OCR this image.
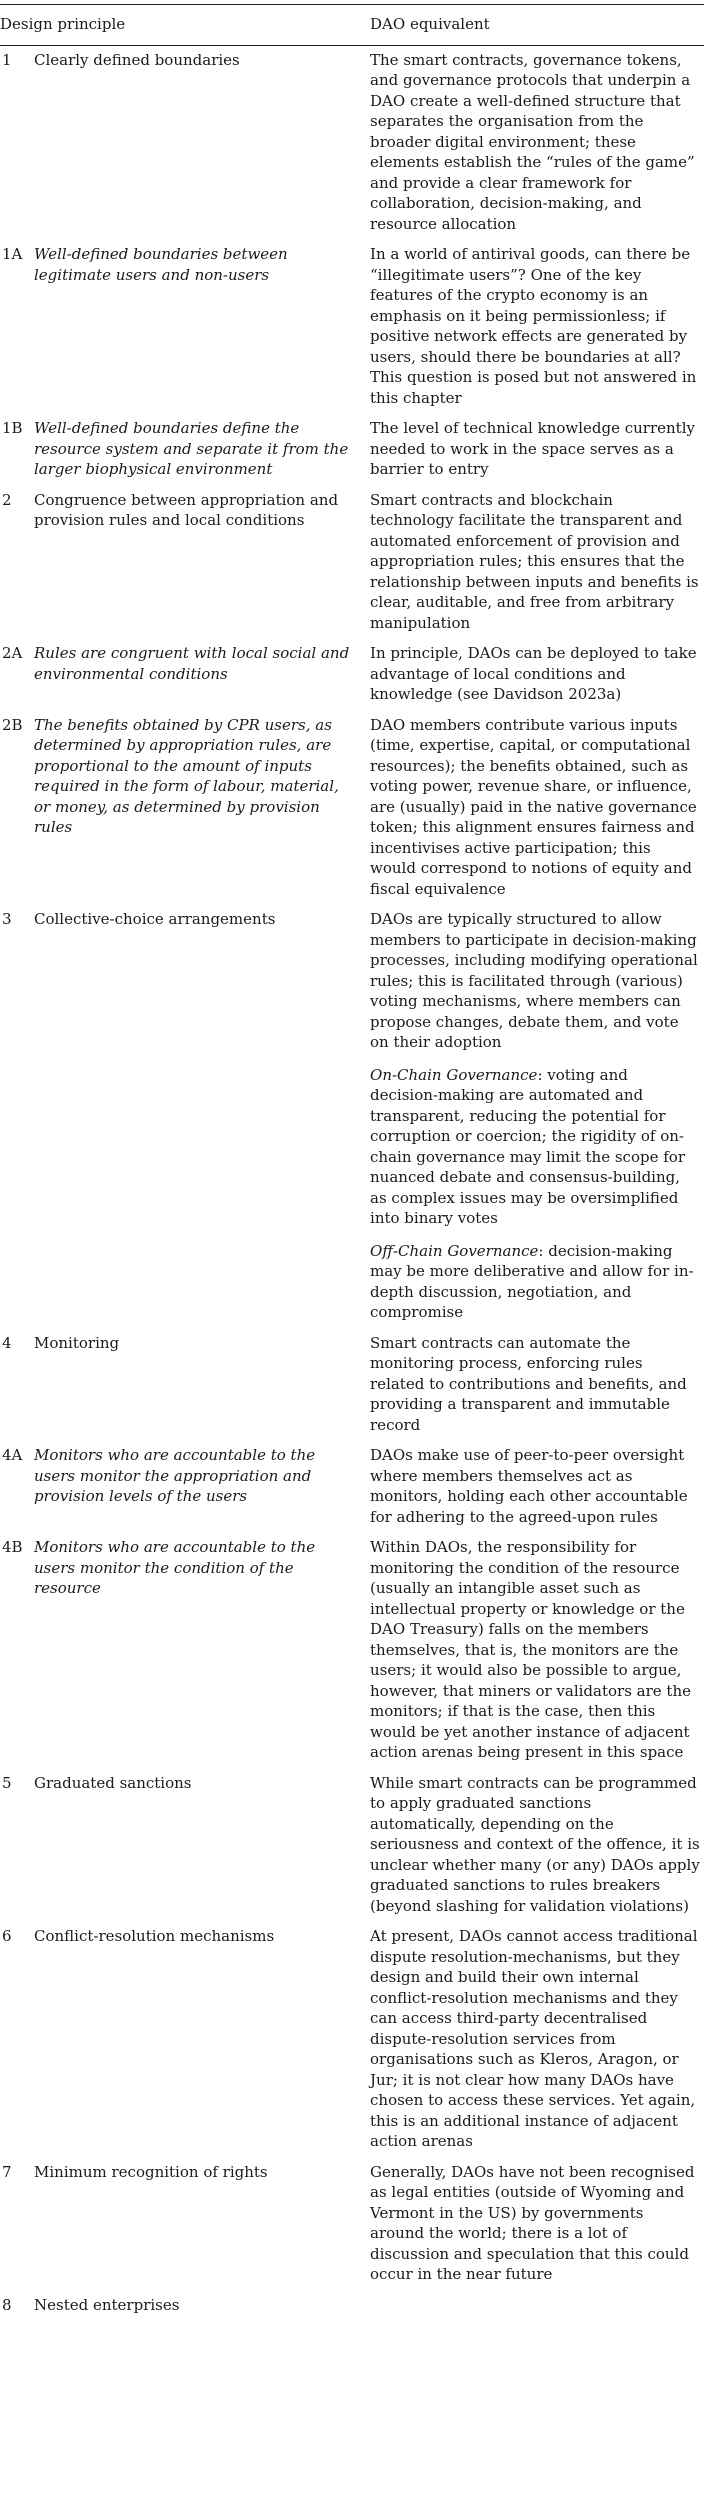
Design principle		DAO equivalent
1	Clearly defined boundaries	The smart contracts, governance tokens, and governance protocols that underpin a DAO create a well-defined structure that separates the organisation from the broader digital environment; these elements establish the “rules of the game” and provide a clear framework for collaboration, decision-making, and resource allocation

1A	Well-defined boundaries between legitimate users and non-users	In a world of antirival goods, can there be “illegitimate users”? One of the key features of the crypto economy is an emphasis on it being permissionless; if positive network effects are generated by users, should there be boundaries at all? This question is posed but not answered in this chapter

1B	Well-defined boundaries define the resource system and separate it from the larger biophysical environment	The level of technical knowledge currently needed to work in the space serves as a barrier to entry

2	Congruence between appropriation and provision rules and local conditions	Smart contracts and blockchain technology facilitate the transparent and automated enforcement of provision and appropriation rules; this ensures that the relationship between inputs and benefits is clear, auditable, and free from arbitrary manipulation

2A	Rules are congruent with local social and environmental conditions	In principle, DAOs can be deployed to take advantage of local conditions and knowledge (see Davidson 2023a)

2B	The benefits obtained by CPR users, as determined by appropriation rules, are proportional to the amount of inputs required in the form of labour, material, or money, as determined by provision rules	DAO members contribute various inputs (time, expertise, capital, or computational resources); the benefits obtained, such as voting power, revenue share, or influence, are (usually) paid in the native governance token; this alignment ensures fairness and incentivises active participation; this would correspond to notions of equity and fiscal equivalence

3	Collective-choice arrangements	DAOs are typically structured to allow members to participate in decision-making processes, including modifying operational rules; this is facilitated through (various) voting mechanisms, where members can propose changes, debate them, and vote on their adoption

On-Chain Governance: voting and decision-making are automated and transparent, reducing the potential for corruption or coercion; the rigidity of on-chain governance may limit the scope for nuanced debate and consensus-building, as complex issues may be oversimplified into binary votes

Off-Chain Governance: decision-making may be more deliberative and allow for in-depth discussion, negotiation, and compromise

4	Monitoring	Smart contracts can automate the monitoring process, enforcing rules related to contributions and benefits, and providing a transparent and immutable record

4A	Monitors who are accountable to the users monitor the appropriation and provision levels of the users	DAOs make use of peer-to-peer oversight where members themselves act as monitors, holding each other accountable for adhering to the agreed-upon rules

4B	Monitors who are accountable to the users monitor the condition of the resource	Within DAOs, the responsibility for monitoring the condition of the resource (usually an intangible asset such as intellectual property or knowledge or the DAO Treasury) falls on the members themselves, that is, the monitors are the users; it would also be possible to argue, however, that miners or validators are the monitors; if that is the case, then this would be yet another instance of adjacent action arenas being present in this space

5	Graduated sanctions	While smart contracts can be programmed to apply graduated sanctions automatically, depending on the seriousness and context of the offence, it is unclear whether many (or any) DAOs apply graduated sanctions to rules breakers (beyond slashing for validation violations)

6	Conflict-resolution mechanisms	At present, DAOs cannot access traditional dispute resolution-mechanisms, but they design and build their own internal conflict-resolution mechanisms and they can access third-party decentralised dispute-resolution services from organisations such as Kleros, Aragon, or Jur; it is not clear how many DAOs have chosen to access these services. Yet again, this is an additional instance of adjacent action arenas

7	Minimum recognition of rights	Generally, DAOs have not been recognised as legal entities (outside of Wyoming and Vermont in the US) by governments around the world; there is a lot of discussion and speculation that this could occur in the near future

8	Nested enterprises	
